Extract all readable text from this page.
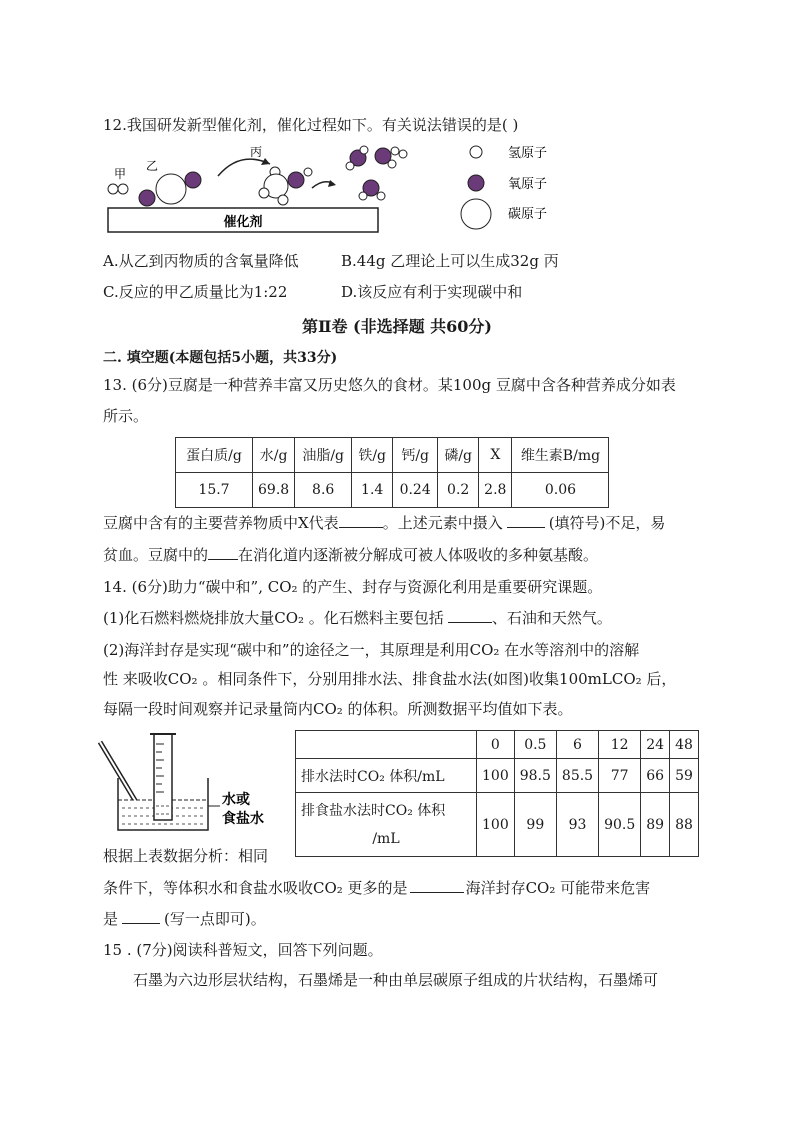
12.我国研发新型催化剂，催化过程如下。有关说法错误的是( )
催化剂
甲
乙
丙	氢原子
氧原子
碳原子
A.从乙到丙物质的含氧量降低	B.44g 乙理论上可以生成32g 丙
C.反应的甲乙质量比为1:22	D.该反应有利于实现碳中和
第Ⅱ卷 (非选择题 共60分)
二. 填空题(本题包括5小题，共33分)
13. (6分)豆腐是一种营养丰富又历史悠久的食材。某100g 豆腐中含各种营养成分如表
所示。
蛋白质/g	水/g	油脂/g	铁/g	钙/g	磷/g	X	维生素B/mg
15.7	69.8	8.6	1.4	0.24	0.2	2.8	0.06
豆腐中含有的主要营养物质中X代表	。上述元素中摄入	(填符号)不足，易
贫血。豆腐中的 在消化道内逐渐被分解成可被人体吸收的多种氨基酸。
14. (6分)助力“碳中和”, CO₂ 的产生、封存与资源化利用是重要研究课题。
(1)化石燃料燃烧排放大量CO₂ 。化石燃料主要包括	、石油和天然气。
(2)海洋封存是实现“碳中和”的途径之一，其原理是利用CO₂ 在水等溶剂中的溶解
性 来吸收CO₂ 。相同条件下，分别用排水法、排食盐水法(如图)收集100mLCO₂ 后，
每隔一段时间观察并记录量筒内CO₂ 的体积。所测数据平均值如下表。
水或
食盐水
	0	0.5	6	12	24	48
排水法时CO₂ 体积/mL	100	98.5	85.5	77	66	59

排食盐水法时CO₂ 体积
/mL	100	99	93	90.5	89	88
根据上表数据分析：相同
条件下，等体积水和食盐水吸收CO₂ 更多的是	海洋封存CO₂ 可能带来危害
是	(写一点即可)。
15 . (7分)阅读科普短文，回答下列问题。
石墨为六边形层状结构，石墨烯是一种由单层碳原子组成的片状结构，石墨烯可
